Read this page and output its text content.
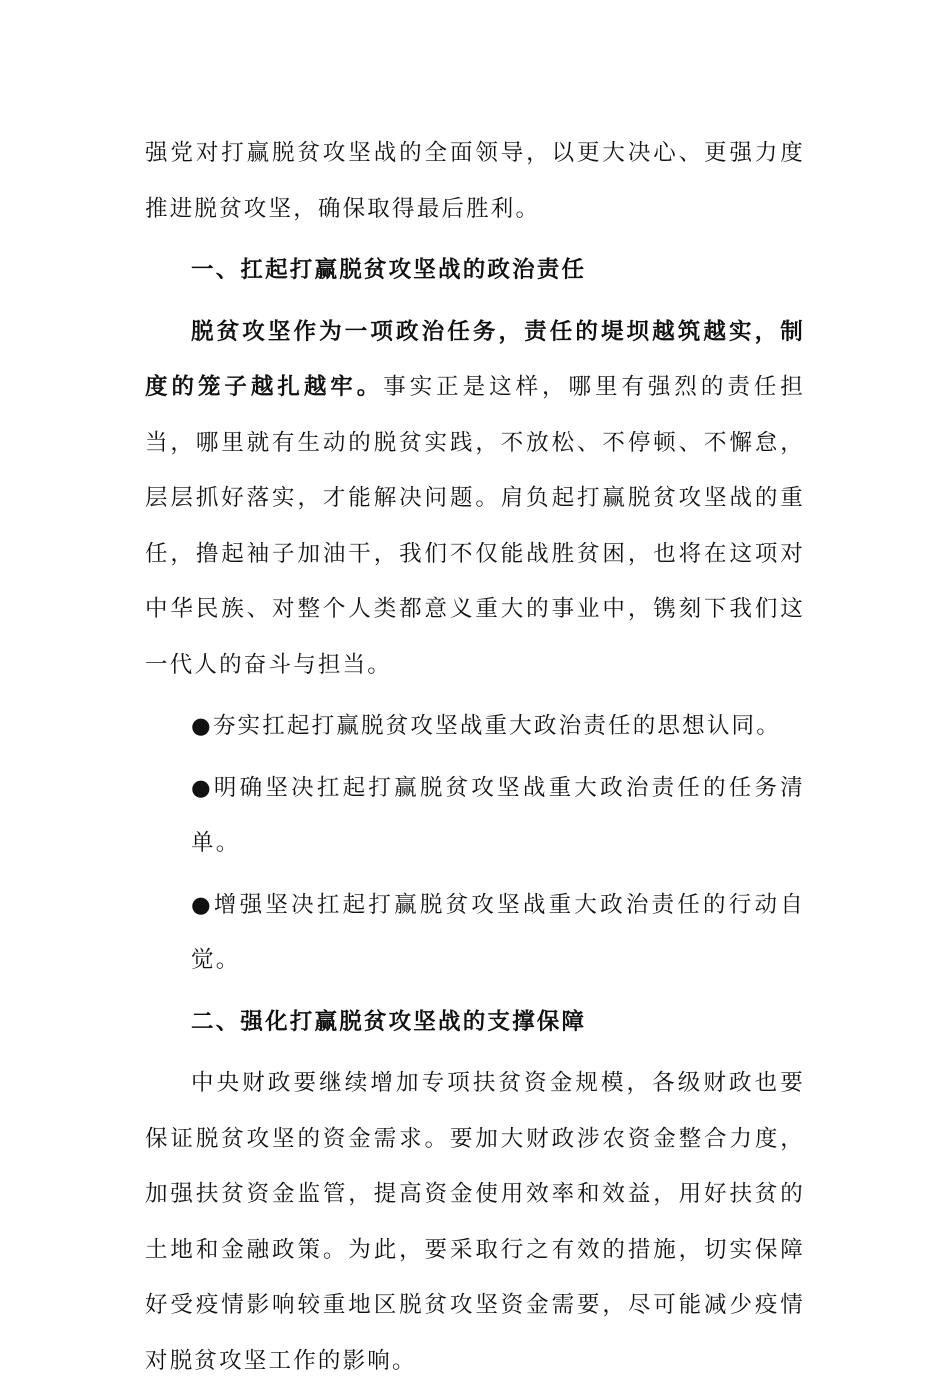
强党对打赢脱贫攻坚战的全面领导，以更大决心、更强力度推进脱贫攻坚，确保取得最后胜利。

一、扛起打赢脱贫攻坚战的政治责任

脱贫攻坚作为一项政治任务，责任的堤坝越筑越实，制度的笼子越扎越牢。事实正是这样，哪里有强烈的责任担当，哪里就有生动的脱贫实践，不放松、不停顿、不懈怠，层层抓好落实，才能解决问题。肩负起打赢脱贫攻坚战的重任，撸起袖子加油干，我们不仅能战胜贫困，也将在这项对中华民族、对整个人类都意义重大的事业中，镌刻下我们这一代人的奋斗与担当。

●夯实扛起打赢脱贫攻坚战重大政治责任的思想认同。

●明确坚决扛起打赢脱贫攻坚战重大政治责任的任务清单。

●增强坚决扛起打赢脱贫攻坚战重大政治责任的行动自觉。

二、强化打赢脱贫攻坚战的支撑保障

中央财政要继续增加专项扶贫资金规模，各级财政也要保证脱贫攻坚的资金需求。要加大财政涉农资金整合力度，加强扶贫资金监管，提高资金使用效率和效益，用好扶贫的土地和金融政策。为此，要采取行之有效的措施，切实保障好受疫情影响较重地区脱贫攻坚资金需要，尽可能减少疫情对脱贫攻坚工作的影响。
